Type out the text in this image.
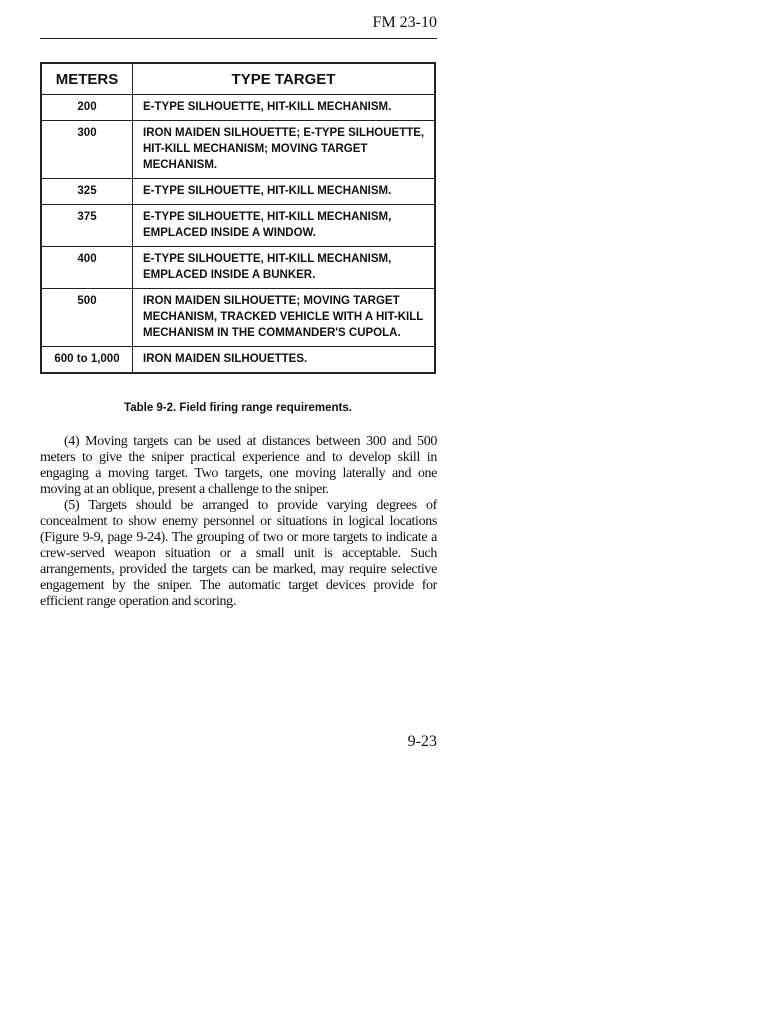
FM 23-10
METERS	TYPE TARGET
200	E-TYPE SILHOUETTE, HIT-KILL MECHANISM.
300	IRON MAIDEN SILHOUETTE; E-TYPE SILHOUETTE, HIT-KILL MECHANISM; MOVING TARGET MECHANISM.
325	E-TYPE SILHOUETTE, HIT-KILL MECHANISM.
375	E-TYPE SILHOUETTE, HIT-KILL MECHANISM, EMPLACED INSIDE A WINDOW.
400	E-TYPE SILHOUETTE, HIT-KILL MECHANISM, EMPLACED INSIDE A BUNKER.
500	IRON MAIDEN SILHOUETTE; MOVING TARGET MECHANISM, TRACKED VEHICLE WITH A HIT-KILL MECHANISM IN THE COMMANDER'S CUPOLA.
600 to 1,000	IRON MAIDEN SILHOUETTES.
Table 9-2. Field firing range requirements.

(4) Moving targets can be used at distances between 300 and 500 meters to give the sniper practical experience and to develop skill in engaging a moving target. Two targets, one moving laterally and one moving at an oblique, present a challenge to the sniper.

(5) Targets should be arranged to provide varying degrees of concealment to show enemy personnel or situations in logical locations (Figure 9-9, page 9-24). The grouping of two or more targets to indicate a crew-served weapon situation or a small unit is acceptable. Such arrangements, provided the targets can be marked, may require selective engagement by the sniper. The automatic target devices provide for efficient range operation and scoring.

9-23
